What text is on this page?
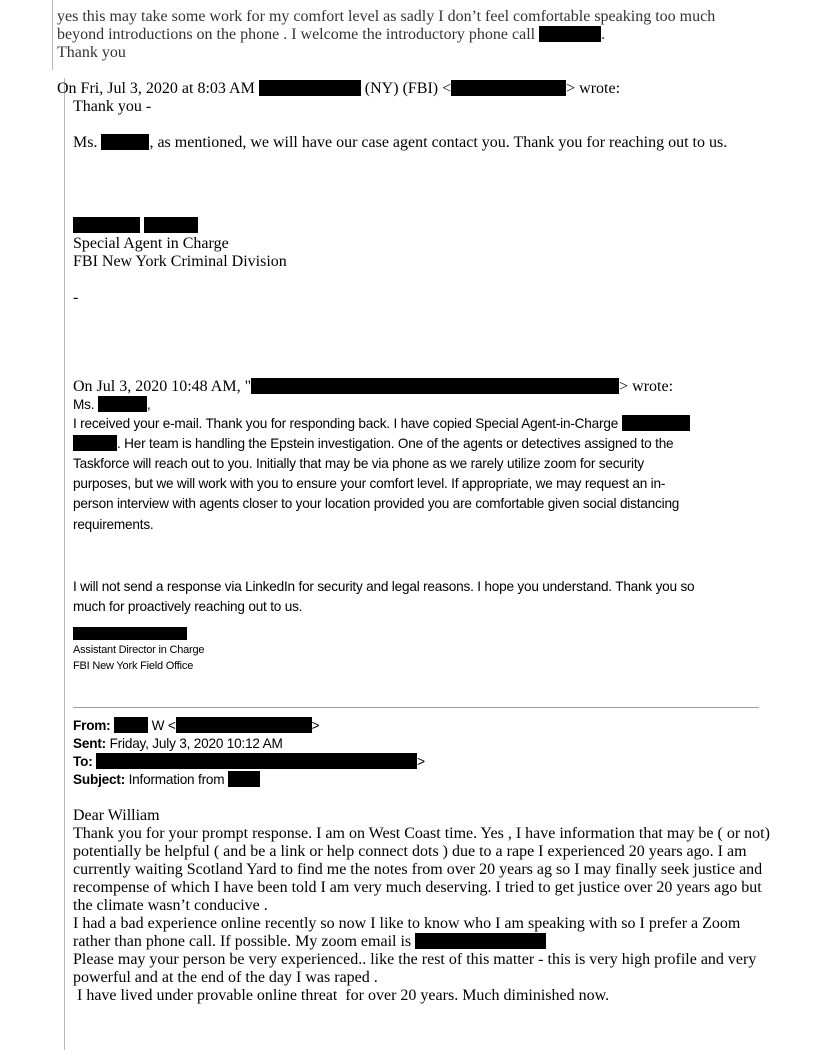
yes this may take some work for my comfort level as sadly I don’t feel comfortable speaking too much
beyond introductions on the phone . I welcome the introductory phone call	.
Thank you
On Fri, Jul 3, 2020 at 8:03 AM	(NY) (FBI) <	> wrote:
Thank you -
Ms.	, as mentioned, we will have our case agent contact you. Thank you for reaching out to us.
Special Agent in Charge
FBI New York Criminal Division
-
On Jul 3, 2020 10:48 AM, "	> wrote:
Ms.	,
I received your e-mail. Thank you for responding back. I have copied Special Agent-in-Charge
. Her team is handling the Epstein investigation. One of the agents or detectives assigned to the
Taskforce will reach out to you. Initially that may be via phone as we rarely utilize zoom for security
purposes, but we will work with you to ensure your comfort level. If appropriate, we may request an in-
person interview with agents closer to your location provided you are comfortable given social distancing
requirements.
I will not send a response via LinkedIn for security and legal reasons. I hope you understand. Thank you so
much for proactively reaching out to us.
Assistant Director in Charge
FBI New York Field Office
From:	W <	>
Sent: Friday, July 3, 2020 10:12 AM
To:	>
Subject: Information from
Dear William
Thank you for your prompt response. I am on West Coast time. Yes , I have information that may be ( or not)
potentially be helpful ( and be a link or help connect dots ) due to a rape I experienced 20 years ago. I am
currently waiting Scotland Yard to find me the notes from over 20 years ag so I may finally seek justice and
recompense of which I have been told I am very much deserving. I tried to get justice over 20 years ago but
the climate wasn’t conducive .
I had a bad experience online recently so now I like to know who I am speaking with so I prefer a Zoom
rather than phone call. If possible. My zoom email is
Please may your person be very experienced.. like the rest of this matter - this is very high profile and very
powerful and at the end of the day I was raped .
I have lived under provable online threat  for over 20 years. Much diminished now.
